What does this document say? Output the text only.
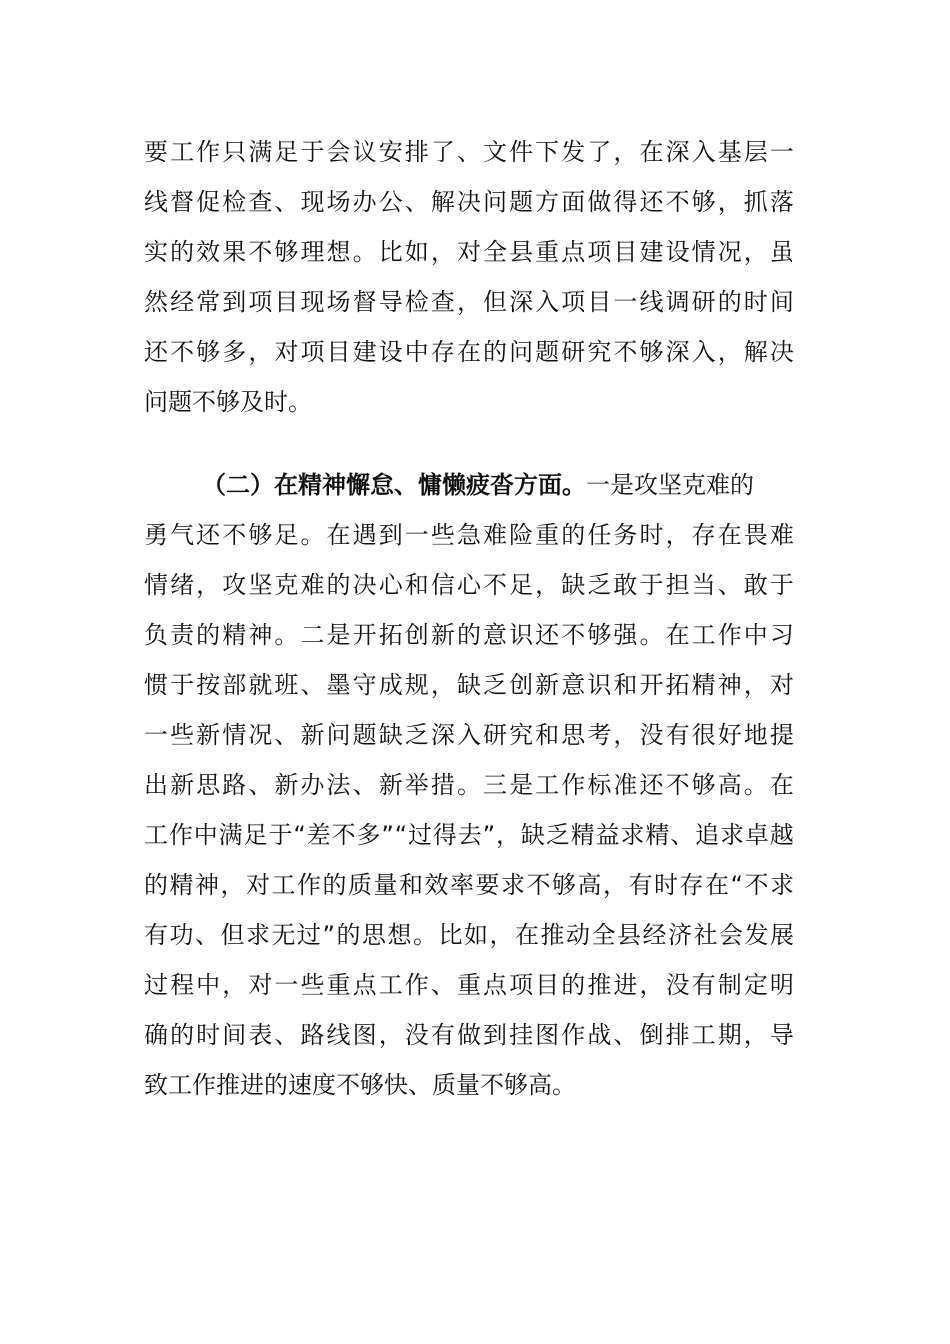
要 工 作 只 满 足 于 会 议 安 排 了 、 文 件 下 发 了 ， 在 深 入 基 层 一
线 督 促 检 查 、 现 场 办 公 、 解 决 问 题 方 面 做 得 还 不 够 ， 抓 落
实 的 效 果 不 够 理 想 。 比 如 ， 对 全 县 重 点 项 目 建 设 情 况 ， 虽
然 经 常 到 项 目 现 场 督 导 检 查 ， 但 深 入 项 目 一 线 调 研 的 时 间
还 不 够 多 ， 对 项 目 建 设 中 存 在 的 问 题 研 究 不 够 深 入 ， 解 决
问题不够及时。
（二）在精神懈怠、慵懒疲沓方面。 一是攻坚克难的
勇 气 还 不 够 足 。 在 遇 到 一 些 急 难 险 重 的 任 务 时 ， 存 在 畏 难
情 绪 ， 攻 坚 克 难 的 决 心 和 信 心 不 足 ， 缺 乏 敢 于 担 当 、 敢 于
负 责 的 精 神 。 二 是 开 拓 创 新 的 意 识 还 不 够 强 。 在 工 作 中 习
惯 于 按 部 就 班 、 墨 守 成 规 ， 缺 乏 创 新 意 识 和 开 拓 精 神 ， 对
一 些 新 情 况 、 新 问 题 缺 乏 深 入 研 究 和 思 考 ， 没 有 很 好 地 提
出 新 思 路 、 新 办 法 、 新 举 措 。 三 是 工 作 标 准 还 不 够 高 。 在
工 作 中 满 足 于 “ 差 不 多 ” “ 过 得 去 ” ， 缺 乏 精 益 求 精 、 追 求 卓 越
的 精 神 ， 对 工 作 的 质 量 和 效 率 要 求 不 够 高 ， 有 时 存 在 “ 不 求
有 功 、 但 求 无 过 ” 的 思 想 。 比 如 ， 在 推 动 全 县 经 济 社 会 发 展
过 程 中 ， 对 一 些 重 点 工 作 、 重 点 项 目 的 推 进 ， 没 有 制 定 明
确 的 时 间 表 、 路 线 图 ， 没 有 做 到 挂 图 作 战 、 倒 排 工 期 ， 导
致工作推进的速度不够快、质量不够高。
